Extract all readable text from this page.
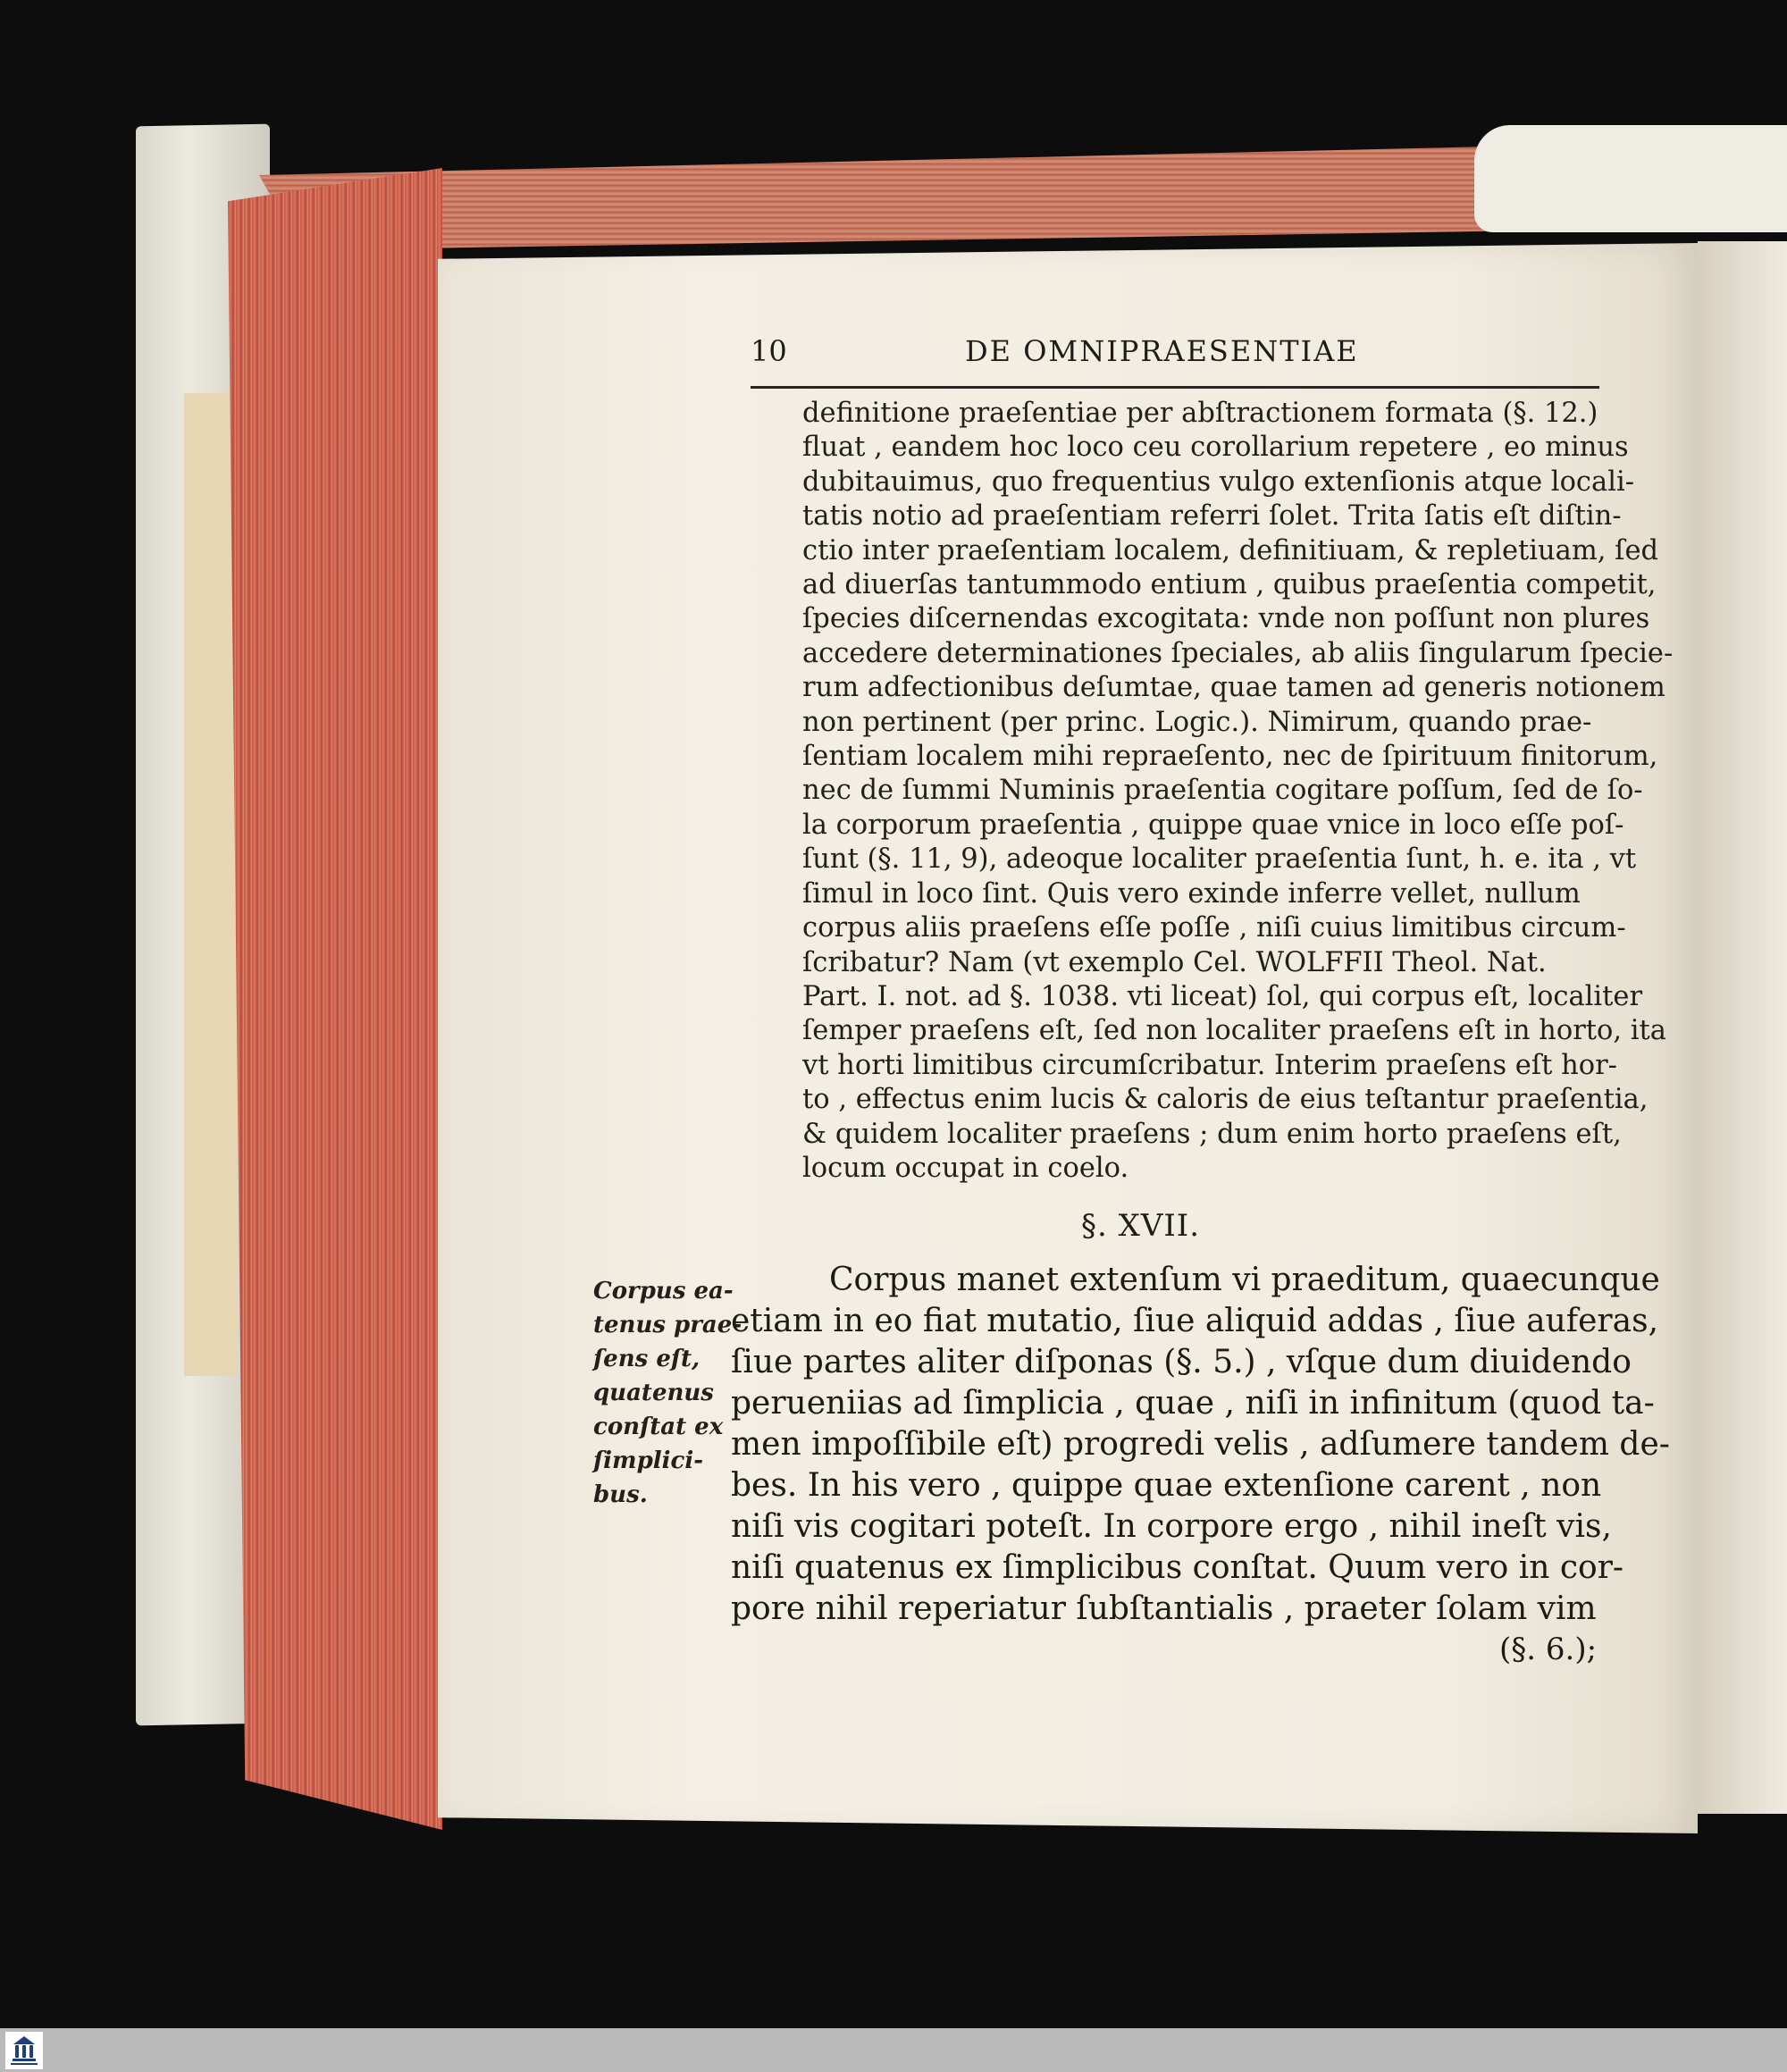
10	DE OMNIPRAESENTIAE
definitione praeſentiae per abſtractionem formata (§. 12.)
fluat , eandem hoc loco ceu corollarium repetere , eo minus
dubitauimus, quo frequentius vulgo extenſionis atque locali-
tatis notio ad praeſentiam referri ſolet. Trita ſatis eſt diſtin-
ctio inter praeſentiam localem, definitiuam, & repletiuam, ſed
ad diuerſas tantummodo entium , quibus praeſentia competit,
ſpecies diſcernendas excogitata: vnde non poſſunt non plures
accedere determinationes ſpeciales, ab aliis ſingularum ſpecie-
rum adfectionibus deſumtae, quae tamen ad generis notionem
non pertinent (per princ. Logic.). Nimirum, quando prae-
ſentiam localem mihi repraeſento, nec de ſpirituum finitorum,
nec de ſummi Numinis praeſentia cogitare poſſum, ſed de ſo-
la corporum praeſentia , quippe quae vnice in loco eſſe poſ-
ſunt (§. 11, 9), adeoque localiter praeſentia ſunt, h. e. ita , vt
ſimul in loco ſint. Quis vero exinde inferre vellet, nullum
corpus aliis praeſens eſſe poſſe , niſi cuius limitibus circum-
ſcribatur? Nam (vt exemplo Cel. WOLFFII Theol. Nat.
Part. I. not. ad §. 1038. vti liceat) ſol, qui corpus eſt, localiter
ſemper praeſens eſt, ſed non localiter praeſens eſt in horto, ita
vt horti limitibus circumſcribatur. Interim praeſens eſt hor-
to , effectus enim lucis & caloris de eius teſtantur praeſentia,
& quidem localiter praeſens ; dum enim horto praeſens eſt,
locum occupat in coelo.
§. XVII.
Corpus ea-
tenus prae-
ſens eſt,
quatenus
conſtat ex
ſimplici-
bus.
Corpus manet extenſum vi praeditum, quaecunque
etiam in eo fiat mutatio, ſiue aliquid addas , ſiue auferas,
ſiue partes aliter diſponas (§. 5.) , vſque dum diuidendo
perueniias ad ſimplicia , quae , niſi in infinitum (quod ta-
men impoſſibile eſt) progredi velis , adſumere tandem de-
bes. In his vero , quippe quae extenſione carent , non
niſi vis cogitari poteſt. In corpore ergo , nihil ineſt vis,
niſi quatenus ex ſimplicibus conſtat. Quum vero in cor-
pore nihil reperiatur ſubſtantialis , praeter ſolam vim
(§. 6.);
